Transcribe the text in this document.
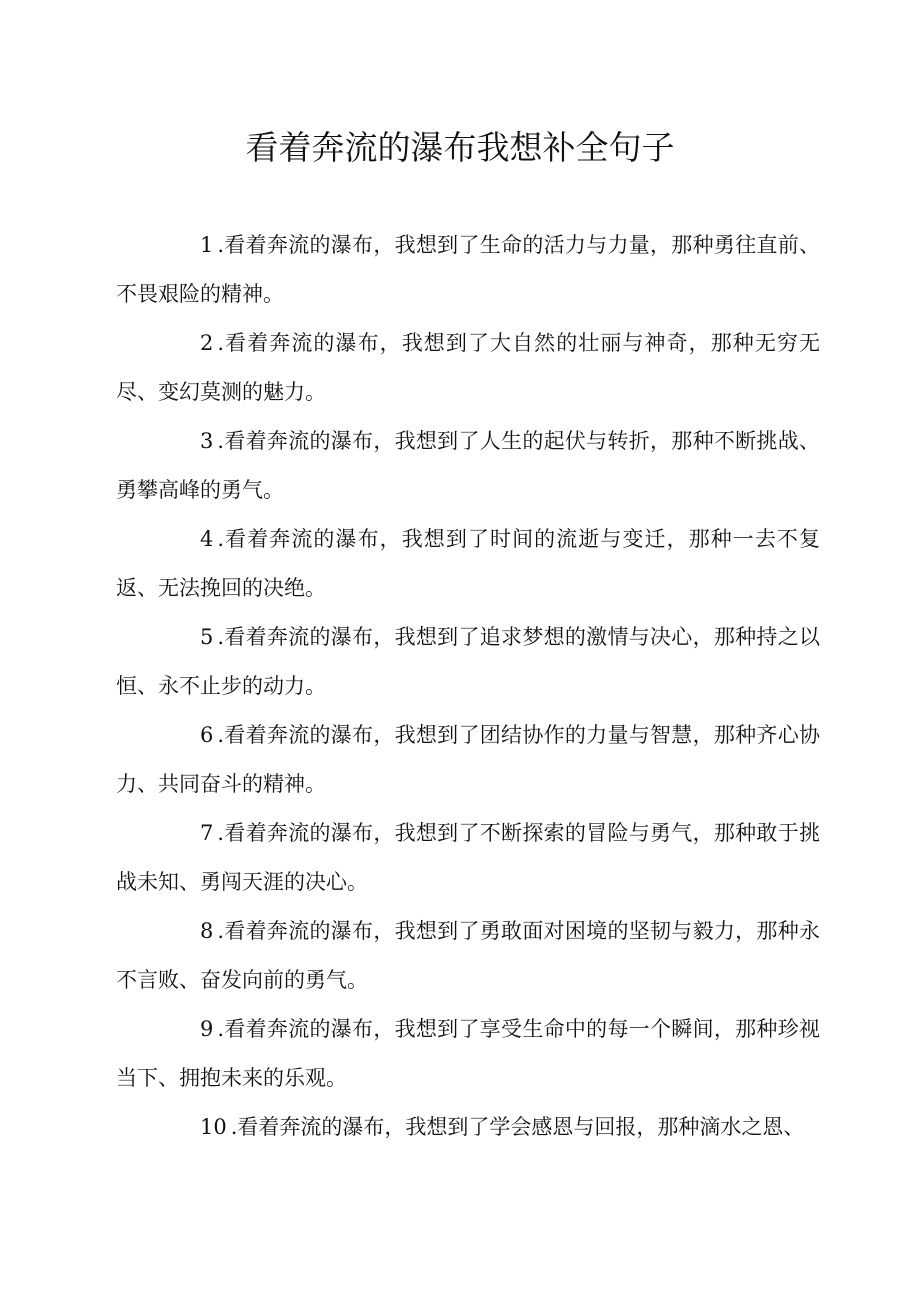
看着奔流的瀑布我想补全句子

1 .看着奔流的瀑布，我想到了生命的活力与力量，那种勇往直前、不畏艰险的精神。

2 .看着奔流的瀑布，我想到了大自然的壮丽与神奇，那种无穷无尽、变幻莫测的魅力。

3 .看着奔流的瀑布，我想到了人生的起伏与转折，那种不断挑战、勇攀高峰的勇气。

4 .看着奔流的瀑布，我想到了时间的流逝与变迁，那种一去不复返、无法挽回的决绝。

5 .看着奔流的瀑布，我想到了追求梦想的激情与决心，那种持之以恒、永不止步的动力。

6 .看着奔流的瀑布，我想到了团结协作的力量与智慧，那种齐心协力、共同奋斗的精神。

7 .看着奔流的瀑布，我想到了不断探索的冒险与勇气，那种敢于挑战未知、勇闯天涯的决心。

8 .看着奔流的瀑布，我想到了勇敢面对困境的坚韧与毅力，那种永不言败、奋发向前的勇气。

9 .看着奔流的瀑布，我想到了享受生命中的每一个瞬间，那种珍视当下、拥抱未来的乐观。

10 .看着奔流的瀑布，我想到了学会感恩与回报，那种滴水之恩、
